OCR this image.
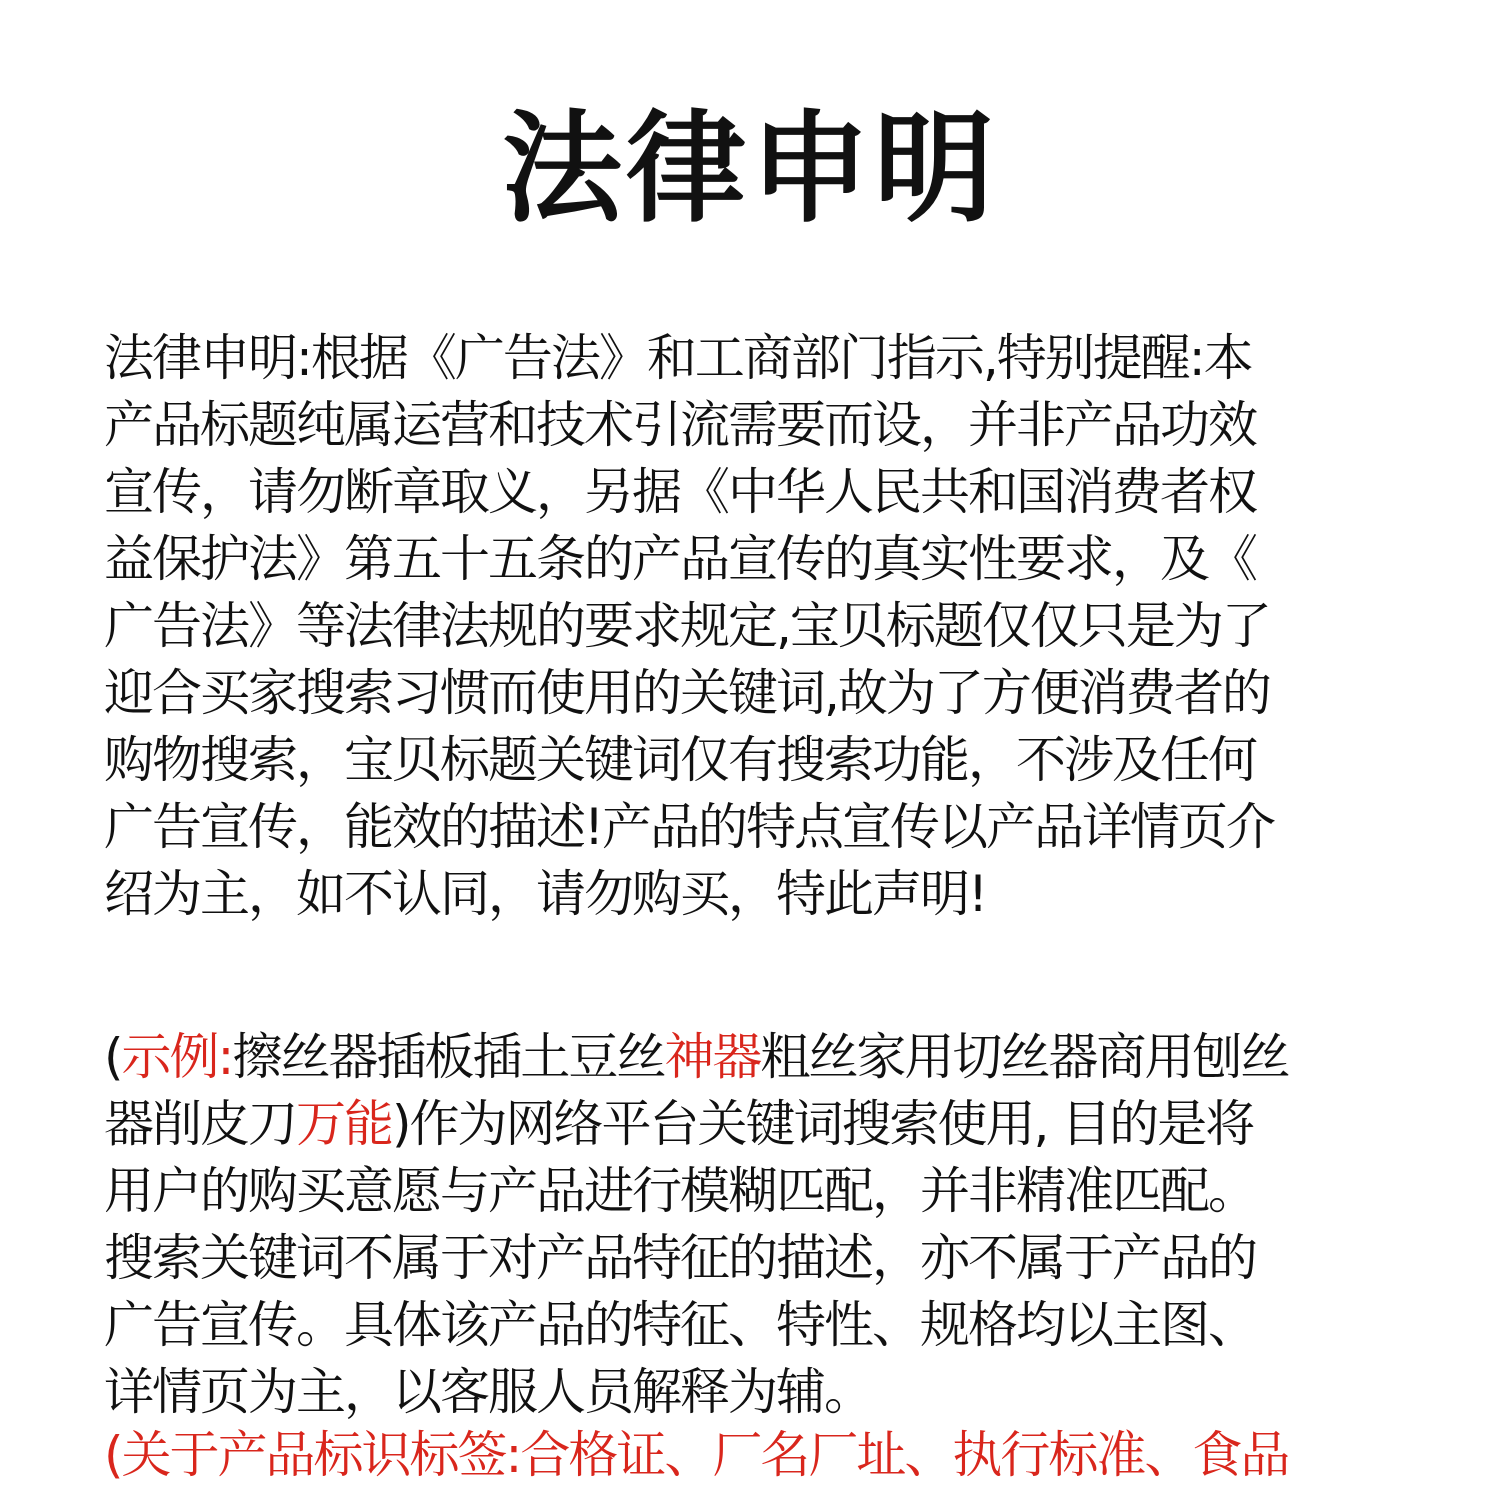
法律申明
法律申明:根据《广告法》和工商部门指示,特别提醒:本
产品标题纯属运营和技术引流需要而设，并非产品功效
宣传，请勿断章取义，另据《中华人民共和国消费者权
益保护法》第五十五条的产品宣传的真实性要求，及《
广告法》等法律法规的要求规定,宝贝标题仅仅只是为了
迎合买家搜索习惯而使用的关键词,故为了方便消费者的
购物搜索，宝贝标题关键词仅有搜索功能，不涉及任何
广告宣传，能效的描述!产品的特点宣传以产品详情页介
绍为主，如不认同，请勿购买，特此声明!
(示例:擦丝器插板插土豆丝神器粗丝家用切丝器商用刨丝
器削皮刀万能)作为网络平台关键词搜索使用, 目的是将
用户的购买意愿与产品进行模糊匹配，并非精准匹配。
搜索关键词不属于对产品特征的描述，亦不属于产品的
广告宣传。具体该产品的特征、特性、规格均以主图、
详情页为主，以客服人员解释为辅。
(关于产品标识标签:合格证、厂名厂址、执行标准、食品
